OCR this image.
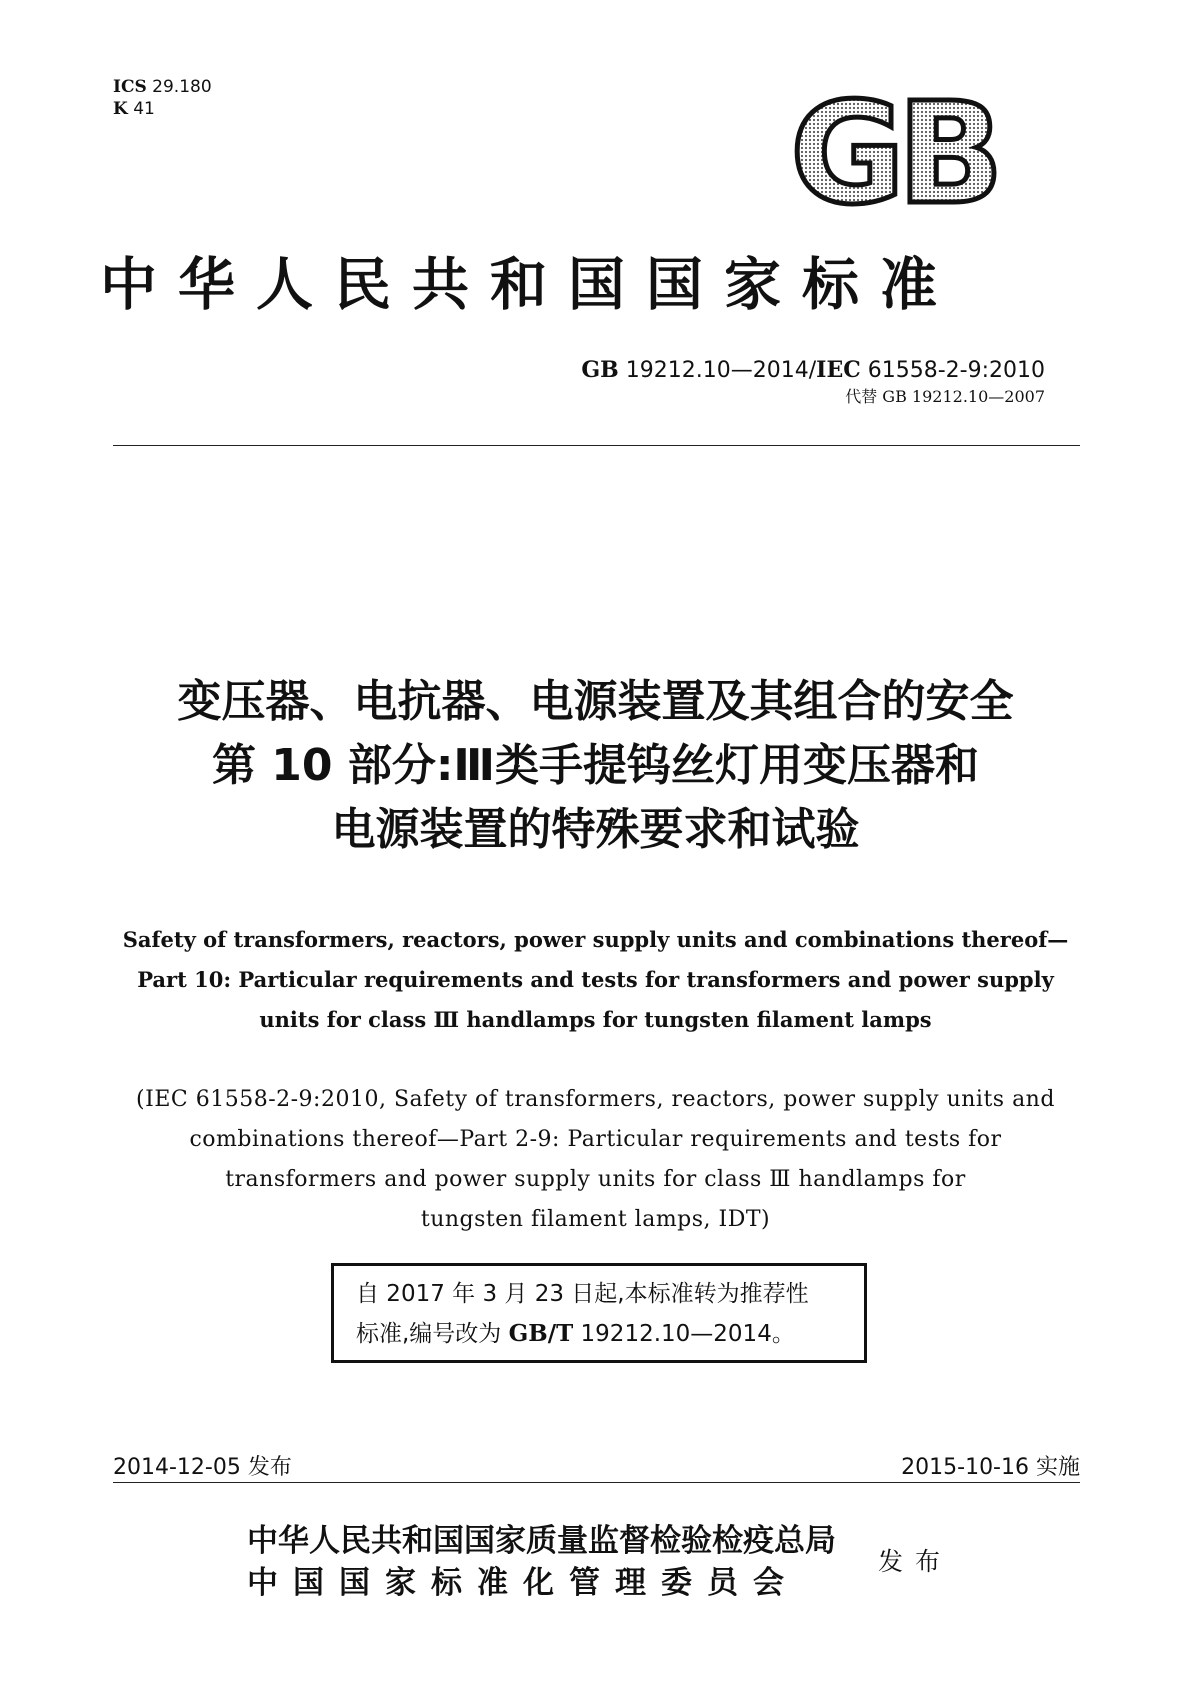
ICS 29.180
K 41	GB
中华人民共和国国家标准
GB 19212.10—2014/IEC 61558-2-9:2010
代替 GB 19212.10—2007
变压器、电抗器、电源装置及其组合的安全
第 10 部分:Ⅲ类手提钨丝灯用变压器和
电源装置的特殊要求和试验
Safety of transformers, reactors, power supply units and combinations thereof—
Part 10: Particular requirements and tests for transformers and power supply
units for class Ⅲ handlamps for tungsten filament lamps
(IEC 61558-2-9:2010, Safety of transformers, reactors, power supply units and
combinations thereof—Part 2-9: Particular requirements and tests for
transformers and power supply units for class Ⅲ handlamps for
tungsten filament lamps, IDT)
自 2017 年 3 月 23 日起,本标准转为推荐性
标准,编号改为 GB/T 19212.10—2014。
2014-12-05 发布	2015-10-16 实施
中华人民共和国国家质量监督检验检疫总局
中国国家标准化管理委员会
发布
